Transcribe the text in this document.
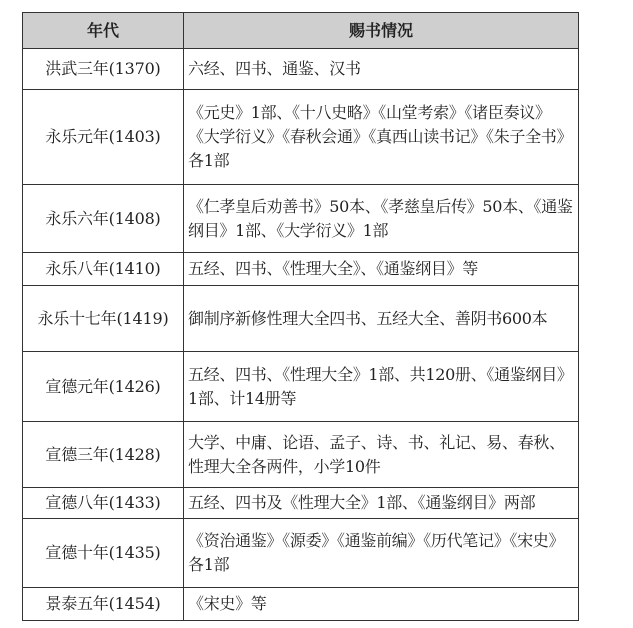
年代	赐书情况
洪武三年(1370)	六经、四书、通鉴、汉书
永乐元年(1403)	《元史》1部、《十八史略》《山堂考索》《诸臣奏议》《大学衍义》《春秋会通》《真西山读书记》《朱子全书》各1部
永乐六年(1408)	《仁孝皇后劝善书》50本、《孝慈皇后传》50本、《通鉴纲目》1部、《大学衍义》1部
永乐八年(1410)	五经、四书、《性理大全》、《通鉴纲目》等
永乐十七年(1419)	御制序新修性理大全四书、五经大全、善阴书600本
宣德元年(1426)	五经、四书、《性理大全》1部、共120册、《通鉴纲目》1部、计14册等
宣德三年(1428)	大学、中庸、论语、孟子、诗、书、礼记、易、春秋、性理大全各两件，小学10件
宣德八年(1433)	五经、四书及《性理大全》1部、《通鉴纲目》两部
宣德十年(1435)	《资治通鉴》《源委》《通鉴前编》《历代笔记》《宋史》各1部
景泰五年(1454)	《宋史》等
